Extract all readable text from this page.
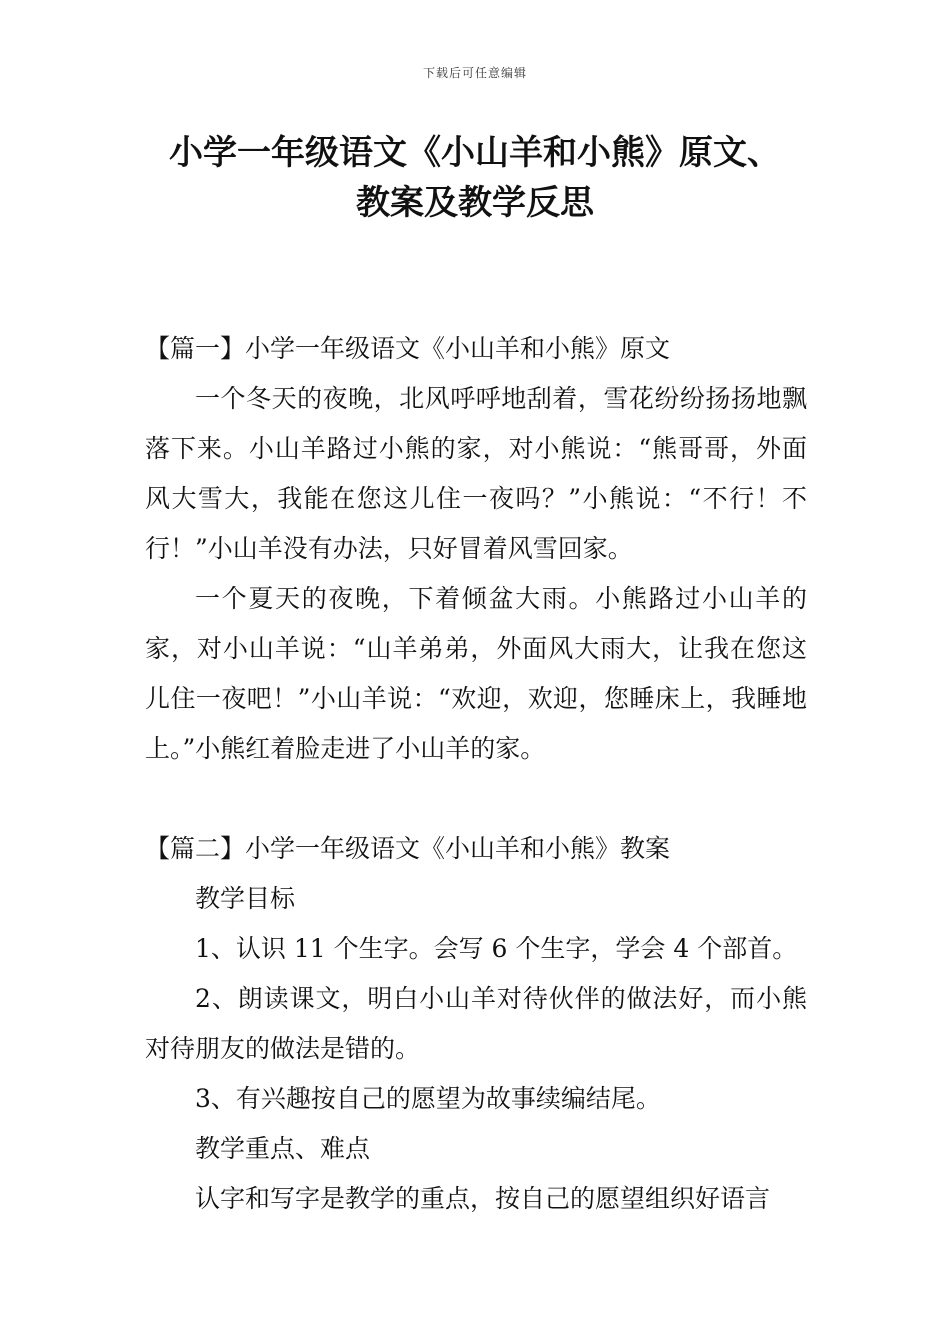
下载后可任意编辑
小学一年级语文《小山羊和小熊》原文、
教案及教学反思

【篇一】小学一年级语文《小山羊和小熊》原文

一个冬天的夜晚，北风呼呼地刮着，雪花纷纷扬扬地飘落下来。小山羊路过小熊的家，对小熊说：“熊哥哥，外面风大雪大，我能在您这儿住一夜吗？”小熊说：“不行！不行！”小山羊没有办法，只好冒着风雪回家。

一个夏天的夜晚，下着倾盆大雨。小熊路过小山羊的家，对小山羊说：“山羊弟弟，外面风大雨大，让我在您这儿住一夜吧！”小山羊说：“欢迎，欢迎，您睡床上，我睡地上。”小熊红着脸走进了小山羊的家。

【篇二】小学一年级语文《小山羊和小熊》教案

教学目标

1、认识 11 个生字。会写 6 个生字，学会 4 个部首。

2、朗读课文，明白小山羊对待伙伴的做法好，而小熊对待朋友的做法是错的。

3、有兴趣按自己的愿望为故事续编结尾。

教学重点、难点

认字和写字是教学的重点，按自己的愿望组织好语言
